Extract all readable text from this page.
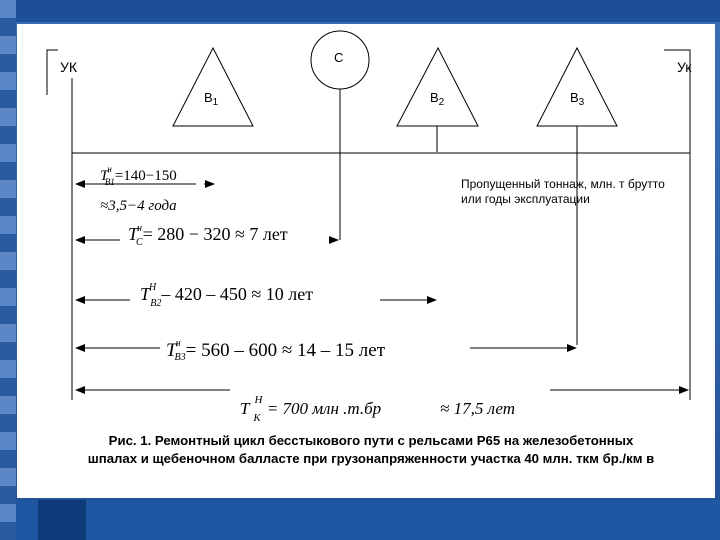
УК	Ук
$В_1$
С
$В_2$	$В_3$
Пропущенный тоннаж, млн. т брутто
или годы эксплуатации
Tн В1=140−150
≈3,5−4 года
Tн С= 280 − 320 ≈ 7 лет
TН В2– 420 – 450 ≈ 10 лет
Tн В3= 560 – 600 ≈ 14 – 15 лет
T $^Н$ К = 700 млн .т.бр	≈ 17,5 лет
Рис. 1. Ремонтный цикл бесстыкового пути с рельсами Р65 на железобетонных
шпалах и щебеночном балласте при грузонапряженности участка 40 млн. ткм бр./км в
